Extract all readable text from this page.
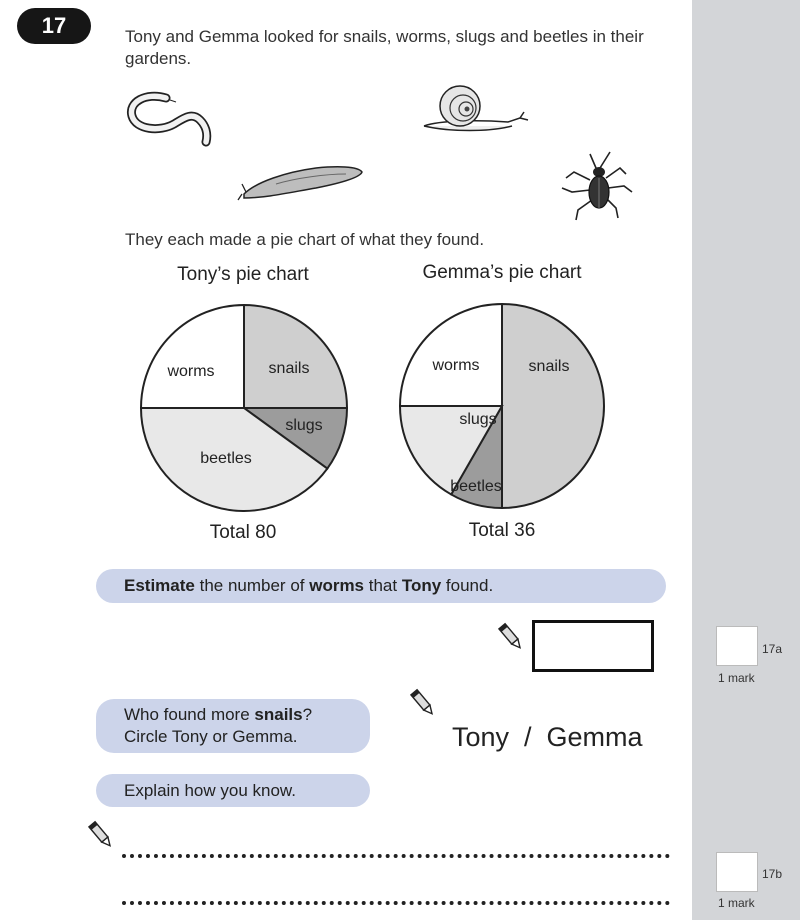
17	Tony and Gemma looked for snails, worms, slugs and beetles in their gardens.
They each made a pie chart of what they found.
Tony’s pie chart
snails
slugs
beetles
worms
Total 80
Gemma’s pie chart
snails
slugs
beetles
worms
Total 36
Estimate the number of worms that Tony found.
17a
1 mark
Who found more snails?
Circle Tony or Gemma.	Tony  /  Gemma
Explain how you know.
17b
1 mark
